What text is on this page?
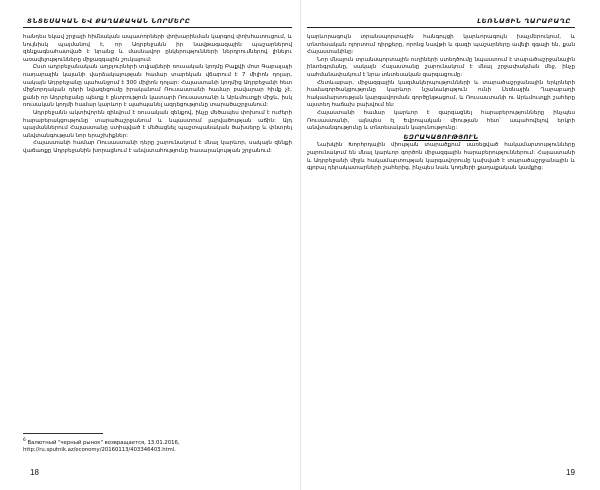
ՏՆՏԵՍԱԿԱՆ ԵՎ ՔԱՂԱՔԱԿԱՆ ՆՈՐՄԵՐԸ

հանդես եկավ շրջայի հիմնական ապատորների փոխարինման կարգով փոխհատուցում, և նույնիսկ պայմանով է, որ Ադրբեջանն իր նավթագազային պաշարներով զենքագնահատված է նրանց և մասնավոր ընկերությունների ներդրումներով լինելու առավելությունները միջազգային շուկայում:

Ըստ ադրբեջանական աղբյուրների տվյալների ռուսական կողմը Բաքվի մոտ Գաբալայի ռադարային կայանի վարձակալության համար տարեկան վճարում է 7 միլիոն դոլար, սակայն Ադրբեջանը պահանջում է 300 միլիոն դոլար: Հայաստանի կողմից Ադրբեջանի հետ միջնորդական դերի նվազեցումը իրականում Ռուսաստանի համար բավարար հիմք չէ, քանի որ Ադրբեջանը պետք է ընտրություն կատարի Ռուսաստանի և Արևմուտքի միջև, իսկ ռուսական կողմի համար կարևոր է պահպանել ազդեցությունը տարածաշրջանում:

Ադրբեջանն ակտիվորեն զինվում է ռուսական զենքով, ինչը մեծապես փոխում է ուժերի հարաբերակցությունը տարածաշրջանում և նպաստում լարվածության աճին: Այդ պայմաններում Հայաստանը ստիպված է մեծացնել պաշտպանական ծախսերը և փնտրել անվտանգության նոր երաշխիքներ:

Հայաստանի համար Ռուսաստանի դերը շարունակում է մնալ կարևոր, սակայն զենքի վաճառքը Ադրբեջանին խորացնում է անվստահությունը հասարակության շրջանում:

ԼԵՌՆԱՅԻՆ ՂԱՐԱԲԱՂԸ

կարևորագույն տրանսպորտային հանգույցի կարևորագույն խաչմերուկում, և տնտեսական ոլորտում դիրքերը, որոնց նավթի և գազի պաշարները ավելի զգալի են, քան Հայաստանինը:

Նոր մնայուն տրանսպորտային ուղիների ստեղծումը նպաստում է տարածաշրջանային ինտեգրմանը, սակայն Հայաստանը շարունակում է մնալ շրջափակման մեջ, ինչը սահմանափակում է նրա տնտեսական զարգացումը:

Հետևաբար, միջազգային կազմակերպությունների և տարածաշրջանային երկրների համագործակցությունը կարևոր նշանակություն ունի Լեռնային Ղարաբաղի հակամարտության կարգավորման գործընթացում, և Ռուսաստանի ու Արևմուտքի շահերը այստեղ հաճախ բախվում են:

Հայաստանի համար կարևոր է զարգացնել հարաբերությունները ինչպես Ռուսաստանի, այնպես էլ Եվրոպական միության հետ՝ ապահովելով երկրի անվտանգությունը և տնտեսական կայունությունը:

ԵԶՐԱԿԱՑՈՒԹՅՈՒՆ

Նախկին Խորհրդային միության տարածքում սառեցված հակամարտությունները շարունակում են մնալ կարևոր գործոն միջազգային հարաբերություններում: Հայաստանի և Ադրբեջանի միջև հակամարտության կարգավորումը կախված է տարածաշրջանային և գլոբալ դերակատարների շահերից, ինչպես նաև կողմերի քաղաքական կամքից:

$^6$ Валютный "черный рынок" возвращается, 13.01.2016, http://ru.sputnik.az/economy/20160113/403346403.html.
18	19
